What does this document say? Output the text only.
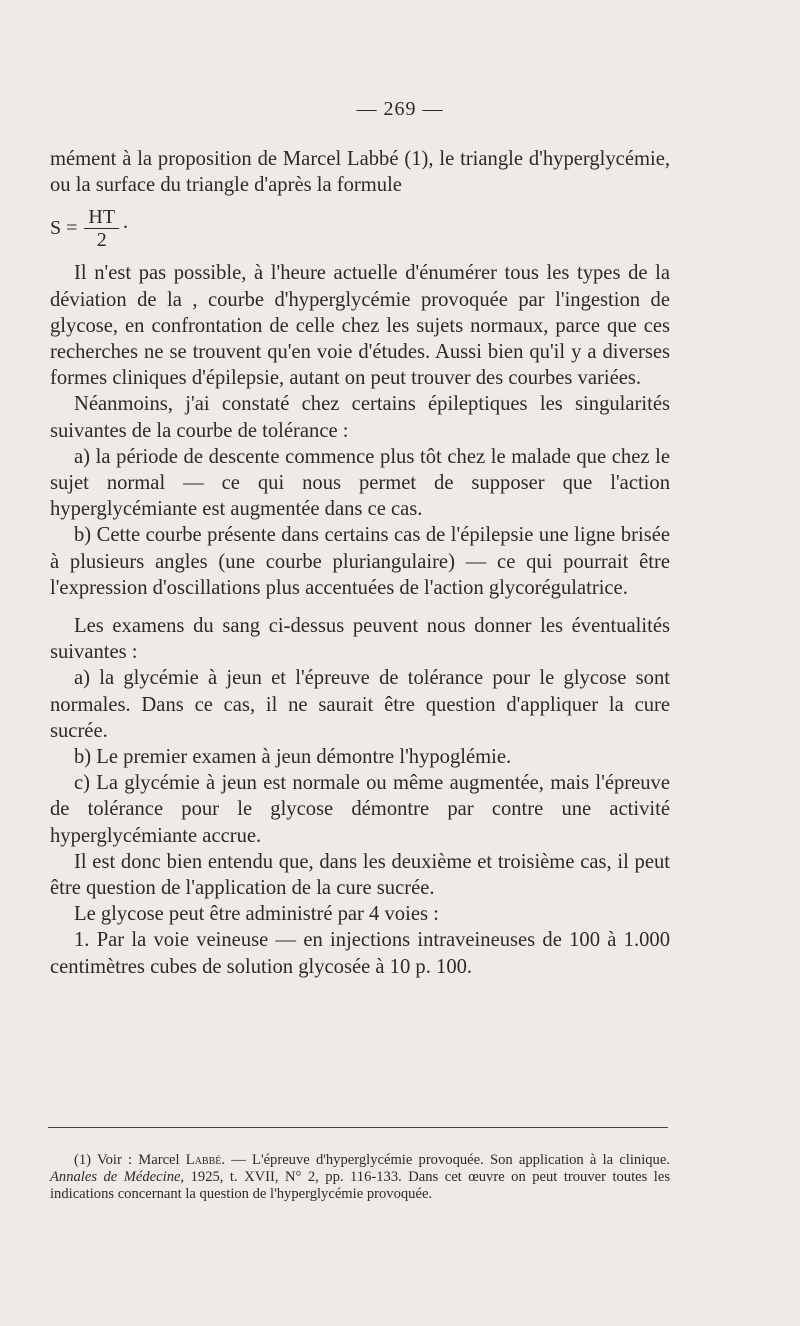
— 269 —

mément à la proposition de Marcel Labbé (1), le triangle d'hyperglycémie, ou la surface du triangle d'après la formule

$S = \frac{HT}{2}$ ·

Il n'est pas possible, à l'heure actuelle d'énumérer tous les types de la déviation de la , courbe d'hyperglycémie provoquée par l'ingestion de glycose, en confrontation de celle chez les sujets normaux, parce que ces recherches ne se trouvent qu'en voie d'études. Aussi bien qu'il y a diverses formes cliniques d'épilepsie, autant on peut trouver des courbes variées.

Néanmoins, j'ai constaté chez certains épileptiques les singularités suivantes de la courbe de tolérance :

a) la période de descente commence plus tôt chez le malade que chez le sujet normal — ce qui nous permet de supposer que l'action hyperglycémiante est augmentée dans ce cas.

b) Cette courbe présente dans certains cas de l'épilepsie une ligne brisée à plusieurs angles (une courbe pluriangulaire) — ce qui pourrait être l'expression d'oscillations plus accentuées de l'action glycorégulatrice.

Les examens du sang ci-dessus peuvent nous donner les éventualités suivantes :

a) la glycémie à jeun et l'épreuve de tolérance pour le glycose sont normales. Dans ce cas, il ne saurait être question d'appliquer la cure sucrée.

b) Le premier examen à jeun démontre l'hypoglémie.

c) La glycémie à jeun est normale ou même augmentée, mais l'épreuve de tolérance pour le glycose démontre par contre une activité hyperglycémiante accrue.

Il est donc bien entendu que, dans les deuxième et troisième cas, il peut être question de l'application de la cure sucrée.

Le glycose peut être administré par 4 voies :

1. Par la voie veineuse — en injections intraveineuses de 100 à 1.000 centimètres cubes de solution glycosée à 10 p. 100.

(1) Voir : Marcel Labbé. — L'épreuve d'hyperglycémie provoquée. Son application à la clinique. Annales de Médecine, 1925, t. XVII, N° 2, pp. 116-133. Dans cet œuvre on peut trouver toutes les indications concernant la question de l'hyperglycémie provoquée.
